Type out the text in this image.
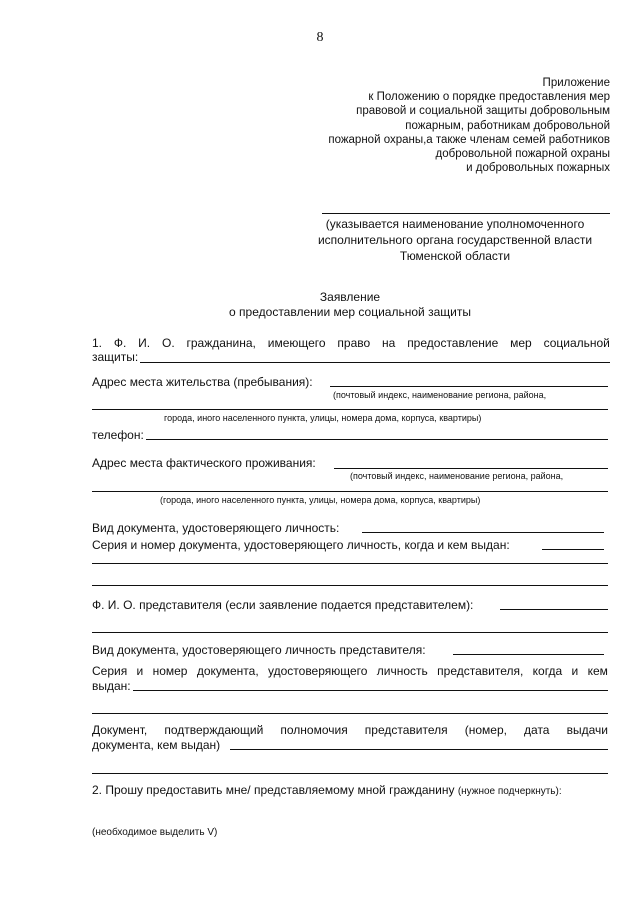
8
Приложение
к Положению о порядке предоставления мер
правовой и социальной защиты добровольным
пожарным, работникам добровольной
пожарной охраны,а также членам семей работников
добровольной пожарной охраны
и добровольных пожарных
(указывается наименование уполномоченного
исполнительного органа государственной власти
Тюменской области
Заявление
о предоставлении мер социальной защиты
1. Ф. И. О. гражданина, имеющего право на предоставление мер социальной
защиты:
Адрес места жительства (пребывания):
(почтовый индекс, наименование региона, района,
города, иного населенного пункта, улицы, номера дома, корпуса, квартиры)
телефон:
Адрес места фактического проживания:
(почтовый индекс, наименование региона, района,
(города, иного населенного пункта, улицы, номера дома, корпуса, квартиры)
Вид документа, удостоверяющего личность:
Серия и номер документа, удостоверяющего личность, когда и кем выдан:
Ф. И. О. представителя (если заявление подается представителем):
Вид документа, удостоверяющего личность представителя:
Серия и номер документа, удостоверяющего личность представителя, когда и кем
выдан:
Документ, подтверждающий полномочия представителя (номер, дата выдачи
документа, кем выдан)
2. Прошу предоставить мне/ представляемому мной гражданину (нужное подчеркнуть):
(необходимое выделить V)
